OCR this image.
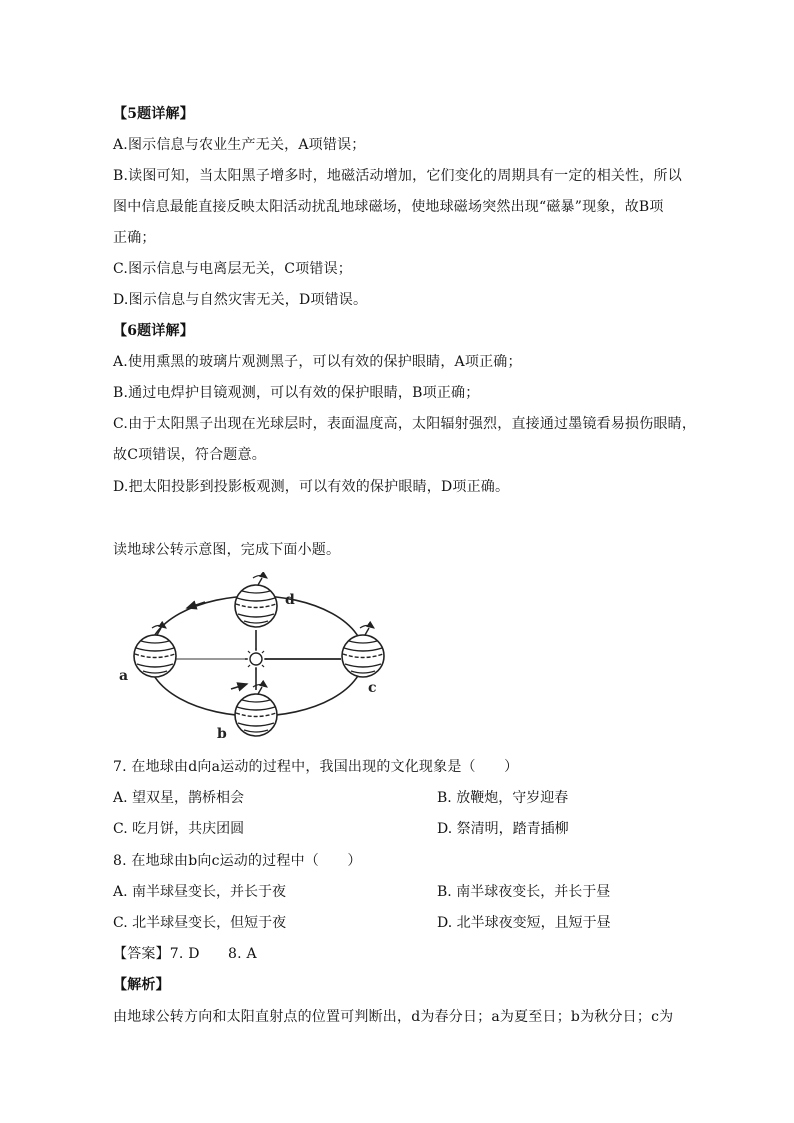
【5题详解】
A.图示信息与农业生产无关，A项错误；
B.读图可知，当太阳黑子增多时，地磁活动增加，它们变化的周期具有一定的相关性，所以
图中信息最能直接反映太阳活动扰乱地球磁场，使地球磁场突然出现“磁暴”现象，故B项
正确；
C.图示信息与电离层无关，C项错误；
D.图示信息与自然灾害无关，D项错误。
【6题详解】
A.使用熏黑的玻璃片观测黑子，可以有效的保护眼睛，A项正确；
B.通过电焊护目镜观测，可以有效的保护眼睛，B项正确；
C.由于太阳黑子出现在光球层时，表面温度高，太阳辐射强烈，直接通过墨镜看易损伤眼睛，
故C项错误，符合题意。
D.把太阳投影到投影板观测，可以有效的保护眼睛，D项正确。
读地球公转示意图，完成下面小题。
d
a
c
b
7. 在地球由d向a运动的过程中，我国出现的文化现象是（　　）
A. 望双星，鹊桥相会	B. 放鞭炮，守岁迎春
C. 吃月饼，共庆团圆	D. 祭清明，踏青插柳
8. 在地球由b向c运动的过程中（　　）
A. 南半球昼变长，并长于夜	B. 南半球夜变长，并长于昼
C. 北半球昼变长，但短于夜	D. 北半球夜变短，且短于昼
【答案】7. D　　8. A
【解析】
由地球公转方向和太阳直射点的位置可判断出，d为春分日；a为夏至日；b为秋分日；c为
